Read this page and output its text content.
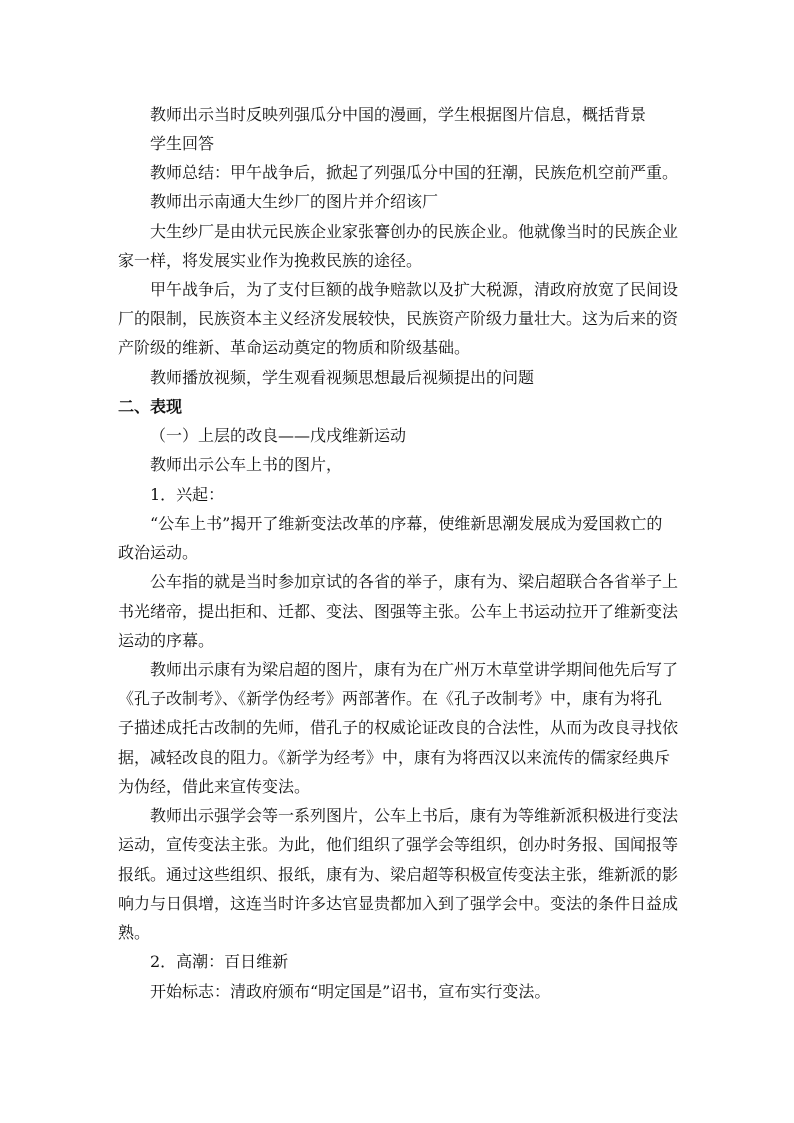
教师出示当时反映列强瓜分中国的漫画，学生根据图片信息，概括背景
学生回答
教师总结：甲午战争后，掀起了列强瓜分中国的狂潮，民族危机空前严重。
教师出示南通大生纱厂的图片并介绍该厂
大生纱厂是由状元民族企业家张謇创办的民族企业。他就像当时的民族企业
家一样，将发展实业作为挽救民族的途径。
甲午战争后，为了支付巨额的战争赔款以及扩大税源，清政府放宽了民间设
厂的限制，民族资本主义经济发展较快，民族资产阶级力量壮大。这为后来的资
产阶级的维新、革命运动奠定的物质和阶级基础。
教师播放视频，学生观看视频思想最后视频提出的问题
二、表现
（一）上层的改良——戊戌维新运动
教师出示公车上书的图片，
1．兴起：
“公车上书”揭开了维新变法改革的序幕，使维新思潮发展成为爱国救亡的
政治运动。
公车指的就是当时参加京试的各省的举子，康有为、梁启超联合各省举子上
书光绪帝，提出拒和、迁都、变法、图强等主张。公车上书运动拉开了维新变法
运动的序幕。
教师出示康有为梁启超的图片，康有为在广州万木草堂讲学期间他先后写了
《孔子改制考》、《新学伪经考》两部著作。在《孔子改制考》中，康有为将孔
子描述成托古改制的先师，借孔子的权威论证改良的合法性，从而为改良寻找依
据，减轻改良的阻力。《新学为经考》中，康有为将西汉以来流传的儒家经典斥
为伪经，借此来宣传变法。
教师出示强学会等一系列图片，公车上书后，康有为等维新派积极进行变法
运动，宣传变法主张。为此，他们组织了强学会等组织，创办时务报、国闻报等
报纸。通过这些组织、报纸，康有为、梁启超等积极宣传变法主张，维新派的影
响力与日俱增，这连当时许多达官显贵都加入到了强学会中。变法的条件日益成
熟。
2．高潮：百日维新
开始标志：清政府颁布“明定国是”诏书，宣布实行变法。
